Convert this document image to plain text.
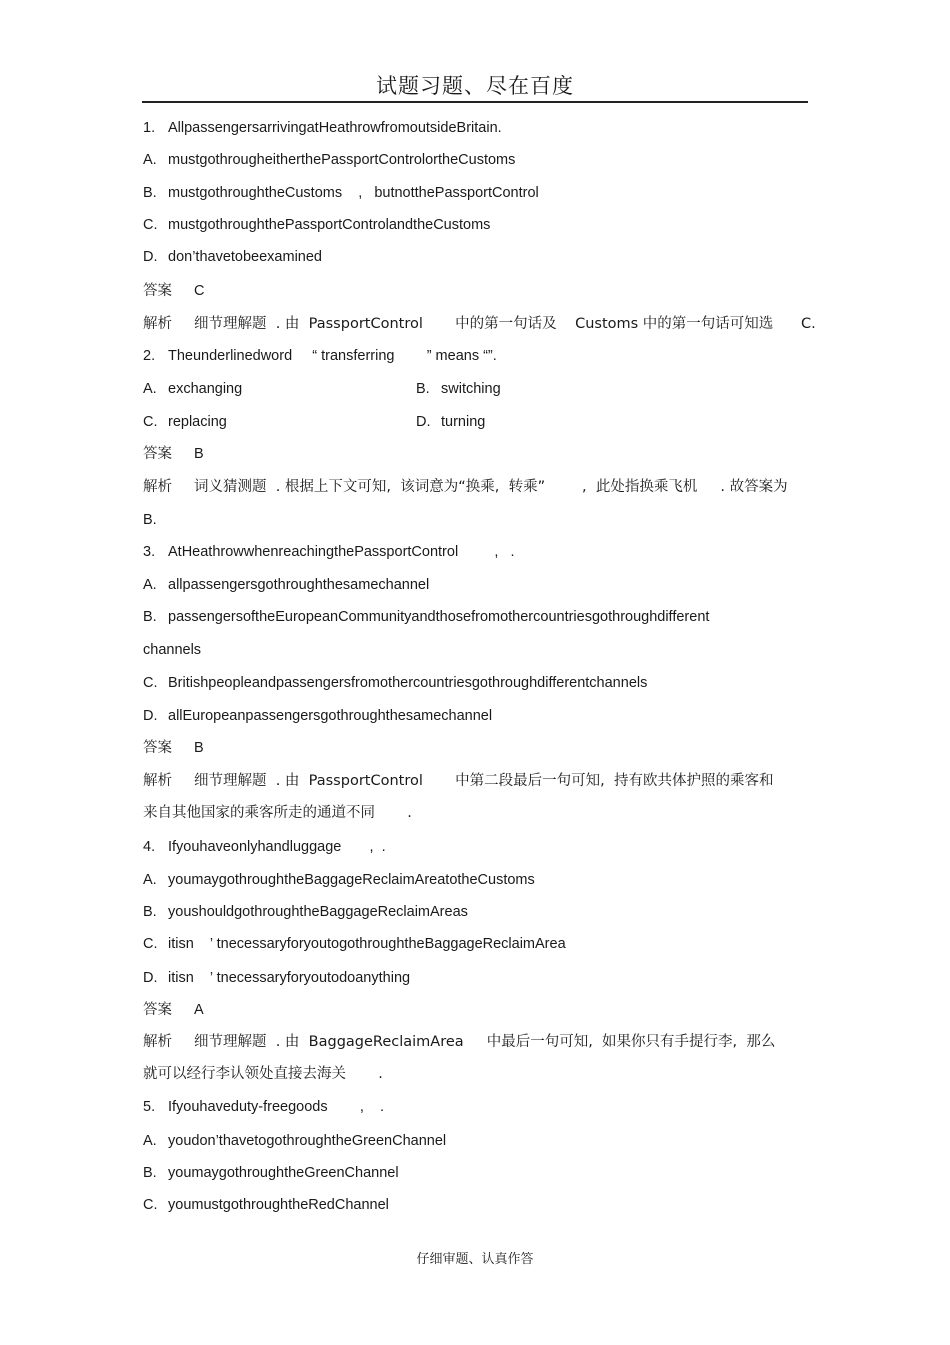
试题习题、尽在百度
1. AllpassengersarrivingatHeathrowfromoutsideBritain.
A. mustgothrougheitherthePassportControlortheCustoms
B. mustgothroughtheCustoms    ,   butnotthePassportControl
C. mustgothroughthePassportControlandtheCustoms
D. don’thavetobeexamined
答案 C
解析 细节理解题  . 由  PassportControl       中的第一句话及    Customs 中的第一句话可知选      C.
2. Theunderlinedword     “ transferring        ” means “”.
A. exchanging	B. switching
C. replacing	D. turning
答案 B
解析 词义猜测题  . 根据上下文可知,  该词意为“换乘,  转乘”        ,  此处指换乘飞机     . 故答案为
B.
3. AtHeathrowwhenreachingthePassportControl         ,   .
A. allpassengersgothroughthesamechannel
B. passengersoftheEuropeanCommunityandthosefromothercountriesgothroughdifferent
channels
C. Britishpeopleandpassengersfromothercountriesgothroughdifferentchannels
D. allEuropeanpassengersgothroughthesamechannel
答案 B
解析 细节理解题  . 由  PassportControl       中第二段最后一句可知,  持有欧共体护照的乘客和
来自其他国家的乘客所走的通道不同       .
4. Ifyouhaveonlyhandluggage       ,  .
A. youmaygothroughtheBaggageReclaimAreatotheCustoms
B. youshouldgothroughtheBaggageReclaimAreas
C. itisn    ’ tnecessaryforyoutogothroughtheBaggageReclaimArea
D. itisn    ’ tnecessaryforyoutodoanything
答案 A
解析 细节理解题  . 由  BaggageReclaimArea     中最后一句可知,  如果你只有手提行李,  那么
就可以经行李认领处直接去海关       .
5. Ifyouhaveduty-freegoods        ,    .
A. youdon’thavetogothroughtheGreenChannel
B. youmaygothroughtheGreenChannel
C. youmustgothroughtheRedChannel
仔细审题、认真作答
